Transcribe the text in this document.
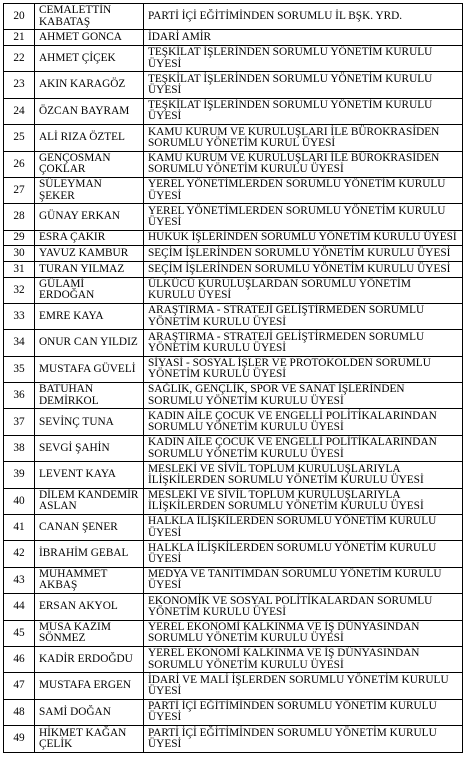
20	CEMALETTİN KABATAŞ	PARTİ İÇİ EĞİTİMİNDEN SORUMLU İL BŞK. YRD.
21	AHMET GONCA	İDARİ AMİR
22	AHMET ÇİÇEK	TEŞKİLAT İŞLERİNDEN SORUMLU YÖNETİM KURULU ÜYESİ
23	AKIN KARAGÖZ	TEŞKİLAT İŞLERİNDEN SORUMLU YÖNETİM KURULU ÜYESİ
24	ÖZCAN BAYRAM	TEŞKİLAT İŞLERİNDEN SORUMLU YÖNETİM KURULU ÜYESİ
25	ALİ RIZA ÖZTEL	KAMU KURUM VE KURULUŞLARI İLE BÜROKRASİDEN SORUMLU YÖNETİM KURUL ÜYESİ
26	GENÇOSMAN ÇOKLAR	KAMU KURUM VE KURULUŞLARI İLE BÜROKRASİDEN SORUMLU YÖNETİM KURULU ÜYESİ
27	SÜLEYMAN ŞEKER	YEREL YÖNETİMLERDEN SORUMLU YÖNETİM KURULU ÜYESİ
28	GÜNAY ERKAN	YEREL YÖNETİMLERDEN SORUMLU YÖNETİM KURULU ÜYESİ
29	ESRA ÇAKIR	HUKUK İŞLERİNDEN SORUMLU YÖNETİM KURULU ÜYESİ
30	YAVUZ KAMBUR	SEÇİM İŞLERİNDEN SORUMLU YÖNETİM KURULU ÜYESİ
31	TURAN YILMAZ	SEÇİM İŞLERİNDEN SORUMLU YÖNETİM KURULU ÜYESİ
32	GÜLAMİ ERDOĞAN	ÜLKÜCÜ KURULUŞLARDAN SORUMLU YÖNETİM KURULU ÜYESİ
33	EMRE KAYA	ARAŞTIRMA - STRATEJİ GELİŞTİRMEDEN SORUMLU YÖNETİM KURULU ÜYESİ
34	ONUR CAN YILDIZ	ARAŞTIRMA - STRATEJİ GELİŞTİRMEDEN SORUMLU YÖNETİM KURULU ÜYESİ
35	MUSTAFA GÜVELİ	SİYASİ - SOSYAL İŞLER VE PROTOKOLDEN SORUMLU YÖNETİM KURULU ÜYESİ
36	BATUHAN DEMİRKOL	SAĞLIK, GENÇLİK, SPOR VE SANAT İŞLERİNDEN SORUMLU YÖNETİM KURULU ÜYESİ
37	SEVİNÇ TUNA	KADIN AİLE ÇOCUK VE ENGELLİ POLİTİKALARINDAN SORUMLU YÖNETİM KURULU ÜYESİ
38	SEVGİ ŞAHİN	KADIN AİLE ÇOCUK VE ENGELLİ POLİTİKALARINDAN SORUMLU YÖNETİM KURULU ÜYESİ
39	LEVENT KAYA	MESLEKİ VE SİVİL TOPLUM KURULUŞLARIYLA İLİŞKİLERDEN SORUMLU YÖNETİM KURULU ÜYESİ
40	DİLEM KANDEMİR ASLAN	MESLEKİ VE SİVİL TOPLUM KURULUŞLARIYLA İLİŞKİLERDEN SORUMLU YÖNETİM KURULU ÜYESİ
41	CANAN ŞENER	HALKLA İLİŞKİLERDEN SORUMLU YÖNETİM KURULU ÜYESİ
42	İBRAHİM GEBAL	HALKLA İLİŞKİLERDEN SORUMLU YÖNETİM KURULU ÜYESİ
43	MUHAMMET AKBAŞ	MEDYA VE TANITIMDAN SORUMLU YÖNETİM KURULU ÜYESİ
44	ERSAN AKYOL	EKONOMİK VE SOSYAL POLİTİKALARDAN SORUMLU YÖNETİM KURULU ÜYESİ
45	MUSA KAZIM SÖNMEZ	YEREL EKONOMİ KALKINMA VE İŞ DÜNYASINDAN SORUMLU YÖNETİM KURULU ÜYESİ
46	KADİR ERDOĞDU	YEREL EKONOMİ KALKINMA VE İŞ DÜNYASINDAN SORUMLU YÖNETİM KURULU ÜYESİ
47	MUSTAFA ERGEN	İDARİ VE MALİ İŞLERDEN SORUMLU YÖNETİM KURULU ÜYESİ
48	SAMİ DOĞAN	PARTİ İÇİ EĞİTİMİNDEN SORUMLU YÖNETİM KURULU ÜYESİ
49	HİKMET KAĞAN ÇELİK	PARTİ İÇİ EĞİTİMİNDEN SORUMLU YÖNETİM KURULU ÜYESİ
